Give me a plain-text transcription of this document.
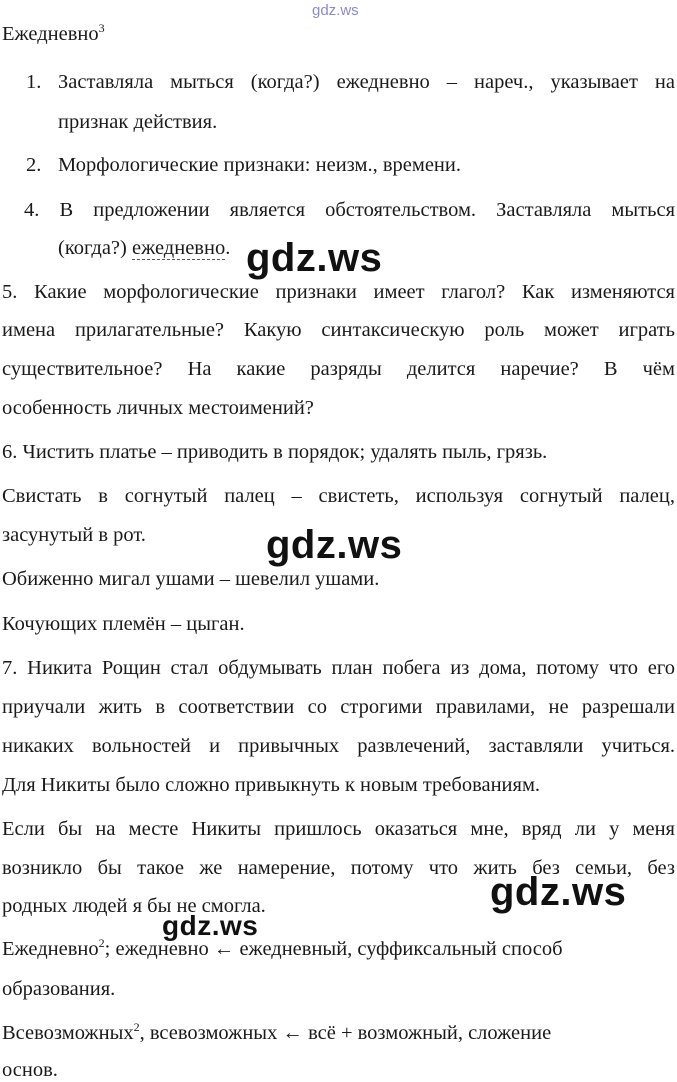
gdz.ws
Ежедневно$^3$
1. Заставляла мыться (когда?) ежедневно – нареч., указывает на
признак действия.
2. Морфологические признаки: неизм., времени.
4. В предложении является обстоятельством. Заставляла мыться
(когда?) ежедневно. gdz.ws
5. Какие морфологические признаки имеет глагол? Как изменяются
имена прилагательные? Какую синтаксическую роль может играть
существительное? На какие разряды делится наречие? В чём
особенность личных местоимений?
6. Чистить платье – приводить в порядок; удалять пыль, грязь.
Свистать в согнутый палец – свистеть, используя согнутый палец,
засунутый в рот.	gdz.ws
Обиженно мигал ушами – шевелил ушами.
Кочующих племён – цыган.
7. Никита Рощин стал обдумывать план побега из дома, потому что его
приучали жить в соответствии со строгими правилами, не разрешали
никаких вольностей и привычных развлечений, заставляли учиться.
Для Никиты было сложно привыкнуть к новым требованиям.
Если бы на месте Никиты пришлось оказаться мне, вряд ли у меня
возникло бы такое же намерение, потому что жить без семьи, без
gdz.ws
родных людей я бы не смогла.
gdz.ws
Ежедневно$^2$; ежедневно ← ежедневный, суффиксальный способ
образования.
Всевозможных$^2$, всевозможных ← всё + возможный, сложение
основ.
